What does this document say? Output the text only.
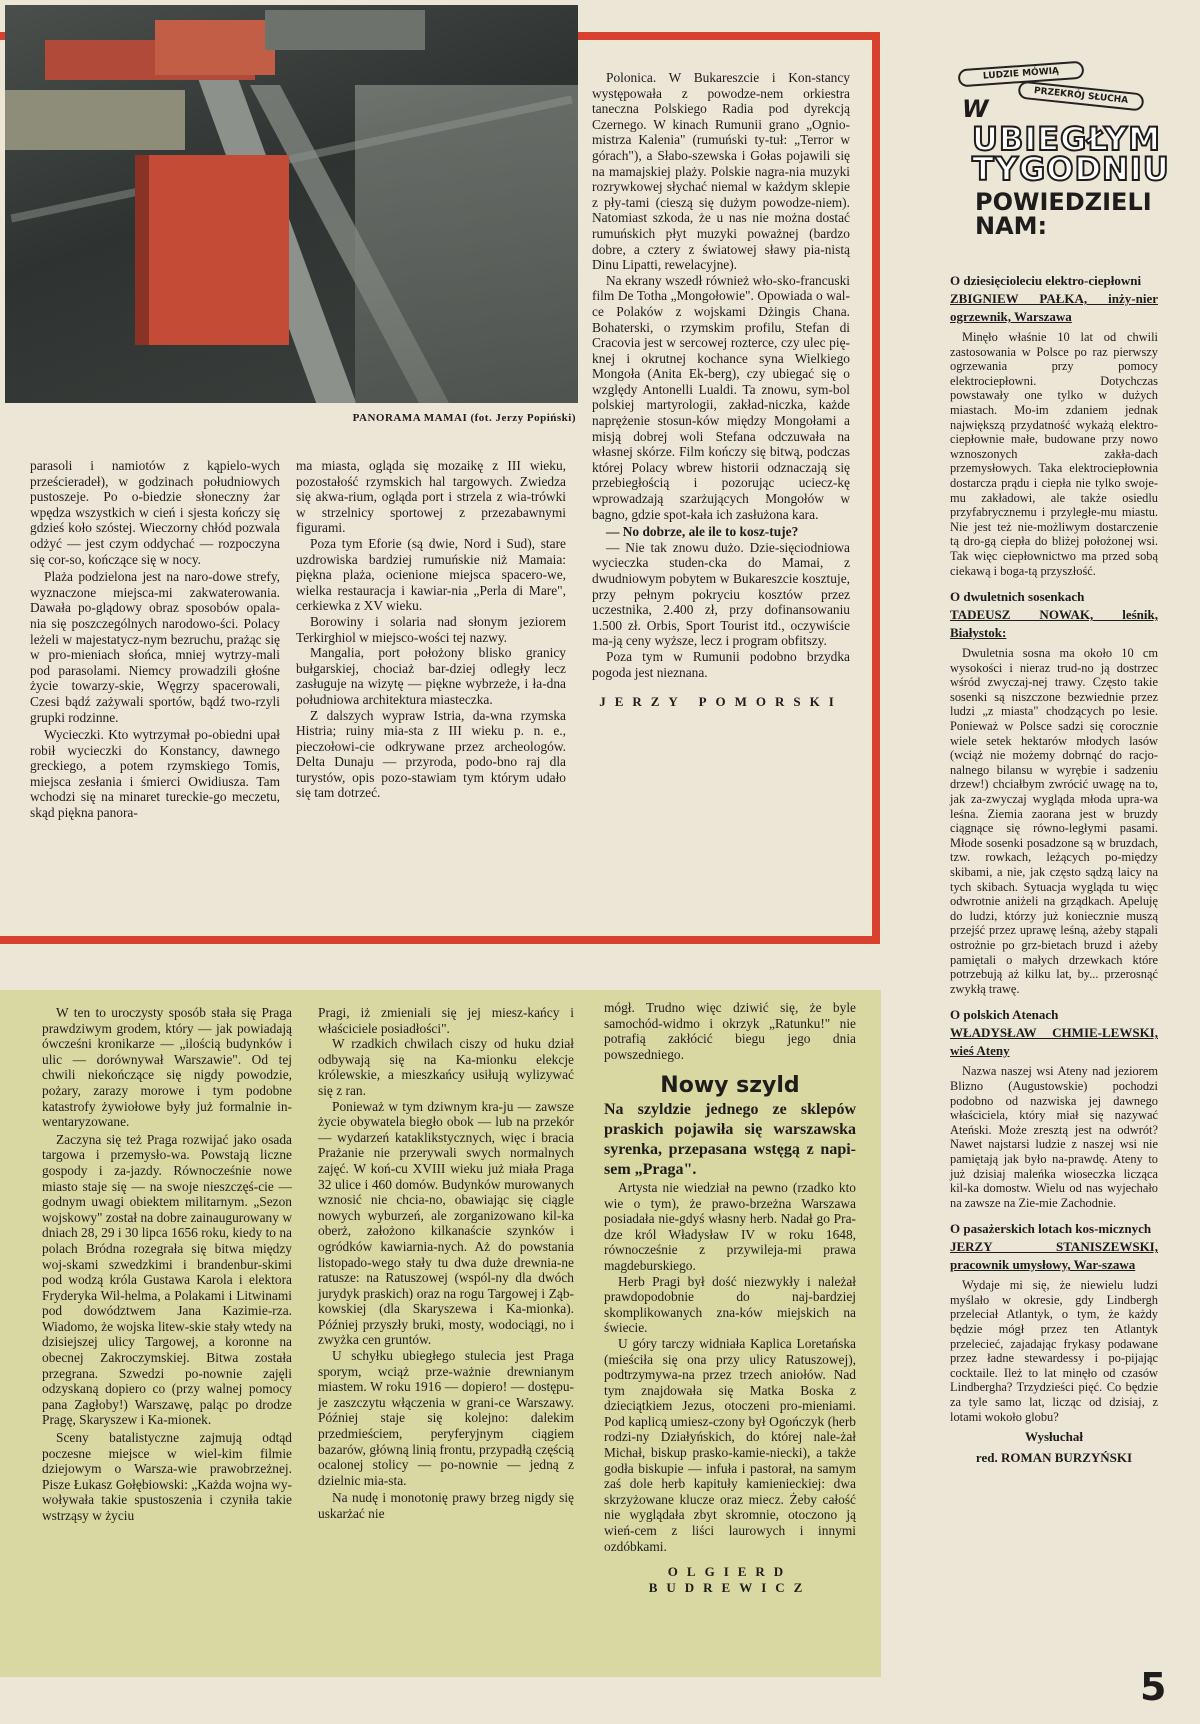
PANORAMA MAMAI (fot. Jerzy Popiński)

parasoli i namiotów z kąpielo-wych prześcieradeł), w godzinach południowych pustoszeje. Po o-biedzie słoneczny żar wpędza wszystkich w cień i sjesta kończy się gdzieś koło szóstej. Wieczorny chłód pozwala odżyć — jest czym oddychać — rozpoczyna się cor-so, kończące się w nocy.

Plaża podzielona jest na naro-dowe strefy, wyznaczone miejsca-mi zakwaterowania. Dawała po-glądowy obraz sposobów opala-nia się poszczególnych narodowo-ści. Polacy leżeli w majestatycz-nym bezruchu, prażąc się w pro-mieniach słońca, mniej wytrzy-mali pod parasolami. Niemcy prowadzili głośne życie towarzy-skie, Węgrzy spacerowali, Czesi bądź zażywali sportów, bądź two-rzyli grupki rodzinne.

Wycieczki. Kto wytrzymał po-obiedni upał robił wycieczki do Konstancy, dawnego greckiego, a potem rzymskiego Tomis, miejsca zesłania i śmierci Owidiusza. Tam wchodzi się na minaret tureckie-go meczetu, skąd piękna panora-

ma miasta, ogląda się mozaikę z III wieku, pozostałość rzymskich hal targowych. Zwiedza się akwa-rium, ogląda port i strzela z wia-trówki w strzelnicy sportowej z przezabawnymi figurami.

Poza tym Eforie (są dwie, Nord i Sud), stare uzdrowiska bardziej rumuńskie niż Mamaia: piękna plaża, ocienione miejsca spacero-we, wielka restauracja i kawiar-nia „Perla di Mare", cerkiewka z XV wieku.

Borowiny i solaria nad słonym jeziorem Terkirghiol w miejsco-wości tej nazwy.

Mangalia, port położony blisko granicy bułgarskiej, chociaż bar-dziej odległy lecz zasługuje na wizytę — piękne wybrzeże, i ła-dna południowa architektura miasteczka.

Z dalszych wypraw Istria, da-wna rzymska Histria; ruiny mia-sta z III wieku p. n. e., pieczołowi-cie odkrywane przez archeologów. Delta Dunaju — przyroda, podo-bno raj dla turystów, opis pozo-stawiam tym którym udało się tam dotrzeć.

Polonica. W Bukareszcie i Kon-stancy występowała z powodze-nem orkiestra taneczna Polskiego Radia pod dyrekcją Czernego. W kinach Rumunii grano „Ognio-mistrza Kalenia" (rumuński ty-tuł: „Terror w górach"), a Słabo-szewska i Gołas pojawili się na mamajskiej plaży. Polskie nagra-nia muzyki rozrywkowej słychać niemal w każdym sklepie z pły-tami (cieszą się dużym powodze-niem). Natomiast szkoda, że u nas nie można dostać rumuńskich płyt muzyki poważnej (bardzo dobre, a cztery z światowej sławy pia-nistą Dinu Lipatti, rewelacyjne).

Na ekrany wszedł również wło-sko-francuski film De Totha „Mongołowie". Opowiada o wal-ce Polaków z wojskami Dżingis Chana. Bohaterski, o rzymskim profilu, Stefan di Cracovia jest w sercowej rozterce, czy ulec pię-knej i okrutnej kochance syna Wielkiego Mongoła (Anita Ek-berg), czy ubiegać się o względy Antonelli Lualdi. Ta znowu, sym-bol polskiej martyrologii, zakład-niczka, każde naprężenie stosun-ków między Mongołami a misją dobrej woli Stefana odczuwała na własnej skórze. Film kończy się bitwą, podczas której Polacy wbrew historii odznaczają się przebiegłością i pozorując uciecz-kę wprowadzają szarżujących Mongołów w bagno, gdzie spot-kała ich zasłużona kara.

— No dobrze, ale ile to kosz-tuje?

— Nie tak znowu dużo. Dzie-sięciodniowa wycieczka studen-cka do Mamai, z dwudniowym pobytem w Bukareszcie kosztuje, przy pełnym pokryciu kosztów przez uczestnika, 2.400 zł, przy dofinansowaniu 1.500 zł. Orbis, Sport Tourist itd., oczywiście ma-ją ceny wyższe, lecz i program obfitszy.

Poza tym w Rumunii podobno brzydka pogoda jest nieznana.

JERZY POMORSKI

W ten to uroczysty sposób stała się Praga prawdziwym grodem, który — jak powiadają ówcześni kronikarze — „ilością budynków i ulic — dorównywał Warszawie". Od tej chwili niekończące się nigdy powodzie, pożary, zarazy morowe i tym podobne katastrofy żywiołowe były już formalnie in-wentaryzowane.

Zaczyna się też Praga rozwijać jako osada targowa i przemysło-wa. Powstają liczne gospody i za-jazdy. Równocześnie nowe miasto staje się — na swoje nieszczęś-cie — godnym uwagi obiektem militarnym. „Sezon wojskowy" został na dobre zainaugurowany w dniach 28, 29 i 30 lipca 1656 roku, kiedy to na polach Bródna rozegrała się bitwa między woj-skami szwedzkimi i brandenbur-skimi pod wodzą króla Gustawa Karola i elektora Fryderyka Wil-helma, a Polakami i Litwinami pod dowództwem Jana Kazimie-rza. Wiadomo, że wojska litew-skie stały wtedy na dzisiejszej ulicy Targowej, a koronne na obecnej Zakroczymskiej. Bitwa została przegrana. Szwedzi po-nownie zajęli odzyskaną dopiero co (przy walnej pomocy pana Zagłoby!) Warszawę, paląc po drodze Pragę, Skaryszew i Ka-mionek.

Sceny batalistyczne zajmują odtąd poczesne miejsce w wiel-kim filmie dziejowym o Warsza-wie prawobrzeżnej. Pisze Łukasz Gołębiowski: „Każda wojna wy-woływała takie spustoszenia i czyniła takie wstrząsy w życiu

Pragi, iż zmieniali się jej miesz-kańcy i właściciele posiadłości".

W rzadkich chwilach ciszy od huku dział odbywają się na Ka-mionku elekcje królewskie, a mieszkańcy usiłują wylizywać się z ran.

Ponieważ w tym dziwnym kra-ju — zawsze życie obywatela biegło obok — lub na przekór — wydarzeń kataklikstycznych, więc i bracia Prażanie nie przerywali swych normalnych zajęć. W koń-cu XVIII wieku już miała Praga 32 ulice i 460 domów. Budynków murowanych wznosić nie chcia-no, obawiając się ciągle nowych wyburzeń, ale zorganizowano kil-ka oberż, założono kilkanaście szynków i ogródków kawiarnia-nych. Aż do powstania listopado-wego stały tu dwa duże drewnia-ne ratusze: na Ratuszowej (wspól-ny dla dwóch jurydyk praskich) oraz na rogu Targowej i Ząb-kowskiej (dla Skaryszewa i Ka-mionka). Później przyszły bruki, mosty, wodociągi, no i zwyżka cen gruntów.

U schyłku ubiegłego stulecia jest Praga sporym, wciąż prze-ważnie drewnianym miastem. W roku 1916 — dopiero! — dostępu-je zaszczytu włączenia w grani-ce Warszawy. Później staje się kolejno: dalekim przedmieściem, peryferyjnym ciągiem bazarów, główną linią frontu, przypadłą częścią ocalonej stolicy — po-nownie — jedną z dzielnic mia-sta.

Na nudę i monotonię prawy brzeg nigdy się uskarżać nie

mógł. Trudno więc dziwić się, że byle samochód-widmo i okrzyk „Ratunku!" nie potrafią zakłócić biegu jego dnia powszedniego.

Nowy szyld
Na szyldzie jednego ze sklepów praskich pojawiła się warszawska syrenka, przepasana wstęgą z napi-sem „Praga".

Artysta nie wiedział na pewno (rzadko kto wie o tym), że prawo-brzeżna Warszawa posiadała nie-gdyś własny herb. Nadał go Pra-dze król Władysław IV w roku 1648, równocześnie z przywileja-mi prawa magdeburskiego.

Herb Pragi był dość niezwykły i należał prawdopodobnie do naj-bardziej skomplikowanych zna-ków miejskich na świecie.

U góry tarczy widniała Kaplica Loretańska (mieściła się ona przy ulicy Ratuszowej), podtrzymywa-na przez trzech aniołów. Nad tym znajdowała się Matka Boska z dzieciątkiem Jezus, otoczeni pro-mieniami. Pod kaplicą umiesz-czony był Ogończyk (herb rodzi-ny Działyńskich, do której nale-żał Michał, biskup prasko-kamie-niecki), a także godła biskupie — infuła i pastorał, na samym zaś dole herb kapituły kamienieckiej: dwa skrzyżowane klucze oraz miecz. Żeby całość nie wyglądała zbyt skromnie, otoczono ją wień-cem z liści laurowych i innymi ozdóbkami.

OLGIERD BUDREWICZ
LUDZIE MÓWIĄ
PRZEKRÓJ SŁUCHA
W
UBIEGŁYM
TYGODNIU
POWIEDZIELI
NAM:
O dziesięcioleciu elektro-ciepłowni
ZBIGNIEW PAŁKA, inży-nier ogrzewnik, Warszawa

Minęło właśnie 10 lat od chwili zastosowania w Polsce po raz pierwszy ogrzewania przy pomocy elektrociepłowni. Dotychczas powstawały one tylko w dużych miastach. Mo-im zdaniem jednak największą przydatność wykażą elektro-ciepłownie małe, budowane przy nowo wznoszonych zakła-dach przemysłowych. Taka elektrociepłownia dostarcza prądu i ciepła nie tylko swoje-mu zakładowi, ale także osiedlu przyfabrycznemu i przyległe-mu miastu. Nie jest też nie-możliwym dostarczenie tą dro-gą ciepła do bliżej położonej wsi. Tak więc ciepłownictwo ma przed sobą ciekawą i boga-tą przyszłość.

O dwuletnich sosenkach
TADEUSZ NOWAK, leśnik, Białystok:

Dwuletnia sosna ma około 10 cm wysokości i nieraz trud-no ją dostrzec wśród zwyczaj-nej trawy. Często takie sosenki są niszczone bezwiednie przez ludzi „z miasta" chodzących po lesie. Ponieważ w Polsce sadzi się corocznie wiele setek hektarów młodych lasów (wciąż nie możemy dobrnąć do racjo-nalnego bilansu w wyrębie i sadzeniu drzew!) chciałbym zwrócić uwagę na to, jak za-zwyczaj wygląda młoda upra-wa leśna. Ziemia zaorana jest w bruzdy ciągnące się równo-ległymi pasami. Młode sosenki posadzone są w bruzdach, tzw. rowkach, leżących po-między skibami, a nie, jak często sądzą laicy na tych skibach. Sytuacja wygląda tu więc odwrotnie aniżeli na grządkach. Apeluję do ludzi, którzy już koniecznie muszą przejść przez uprawę leśną, ażeby stąpali ostrożnie po grz-bietach bruzd i ażeby pamiętali o małych drzewkach które potrzebują aż kilku lat, by... przerosnąć zwykłą trawę.

O polskich Atenach
WŁADYSŁAW CHMIE-LEWSKI, wieś Ateny

Nazwa naszej wsi Ateny nad jeziorem Blizno (Augustowskie) pochodzi podobno od nazwiska jej dawnego właściciela, który miał się nazywać Ateński. Może zresztą jest na odwrót? Nawet najstarsi ludzie z naszej wsi nie pamiętają jak było na-prawdę. Ateny to już dzisiaj maleńka wioseczka licząca kil-ka domostw. Wielu od nas wyjechało na zawsze na Zie-mie Zachodnie.

O pasażerskich lotach kos-micznych
JERZY STANISZEWSKI, pracownik umysłowy, War-szawa

Wydaje mi się, że niewielu ludzi myślało w okresie, gdy Lindbergh przeleciał Atlantyk, o tym, że każdy będzie mógł przez ten Atlantyk przelecieć, zajadając frykasy podawane przez ładne stewardessy i po-pijając cocktaile. Ileż to lat minęło od czasów Lindbergha? Trzydzieści pięć. Co będzie za tyle samo lat, licząc od dzisiaj, z lotami wokoło globu?

Wysłuchał
red. ROMAN BURZYŃSKI
5
